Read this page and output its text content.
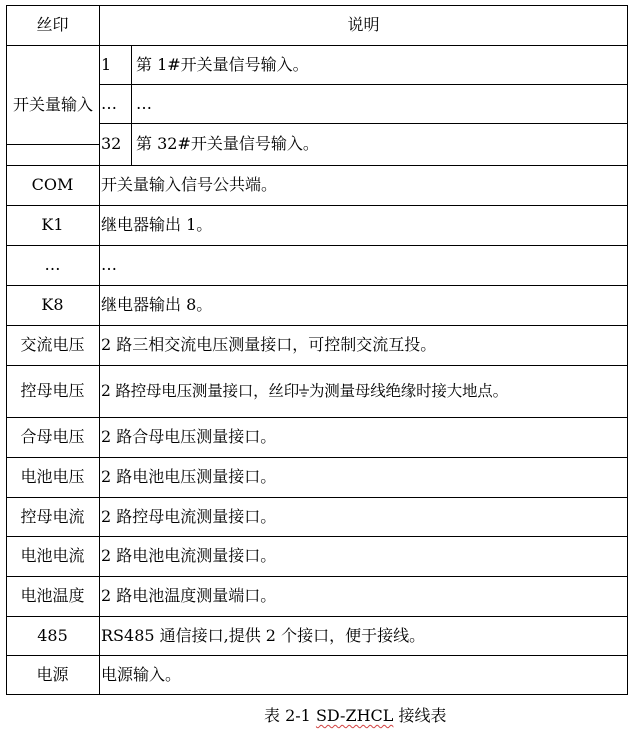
丝印	说明
开关量输入
1	第 1#开关量信号输入。
…	…
32 第 32#开关量信号输入。
COM	开关量输入信号公共端。
K1	继电器输出 1。
…	…
K8	继电器输出 8。
交流电压	2 路三相交流电压测量接口，可控制交流互投。
控母电压	2 路控母电压测量接口，丝印 为测量母线绝缘时接大地点。
合母电压	2 路合母电压测量接口。
电池电压	2 路电池电压测量接口。
控母电流	2 路控母电流测量接口。
电池电流	2 路电池电流测量接口。
电池温度	2 路电池温度测量端口。
485	RS485 通信接口,提供 2 个接口，便于接线。
电源	电源输入。
表 2-1 SD-ZHCL 接线表
